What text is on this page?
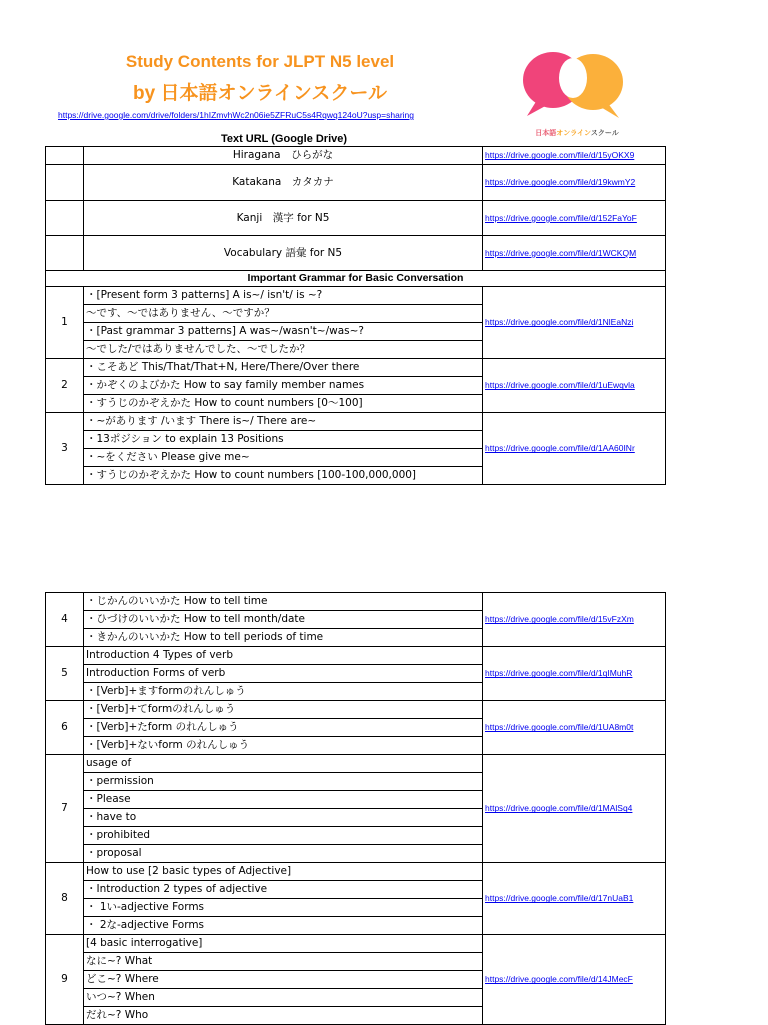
Study Contents for JLPT N5 level
by 日本語オンラインスクール
https://drive.google.com/drive/folders/1hIZmvhWc2n06ie5ZFRuC5s4Rqwq124oU?usp=sharing
日本語オンラインスクール
Text URL (Google Drive)
	Hiragana　ひらがな	https://drive.google.com/file/d/15yOKX9
	Katakana　カタカナ	https://drive.google.com/file/d/19kwmY2
	Kanji　漢字 for N5	https://drive.google.com/file/d/152FaYoF
	Vocabulary 語彙 for N5	https://drive.google.com/file/d/1WCKQM
Important Grammar for Basic Conversation		
1	・[Present form 3 patterns] A is~/ isn't/ is ~?	https://drive.google.com/file/d/1NlEaNzi
	〜です、〜ではありません、〜ですか？	
	・[Past grammar 3 patterns] A was~/wasn't~/was~?	
	〜でした/ではありませんでした、〜でしたか？	
2	・こそあど This/That/That+N, Here/There/Over there	https://drive.google.com/file/d/1uEwqvla
	・かぞくのよびかた How to say family member names	
	・すうじのかぞえかた How to count numbers [0〜100]	
3	・~があります /います There is~/ There are~	https://drive.google.com/file/d/1AA60INr
	・13ポジション to explain 13 Positions	
	・~をください Please give me~	
	・すうじのかぞえかた How to count numbers [100-100,000,000]	
4	・じかんのいいかた How to tell time	https://drive.google.com/file/d/15vFzXm
	・ひづけのいいかた How to tell month/date	
	・きかんのいいかた How to tell periods of time	
5	Introduction 4 Types of verb	https://drive.google.com/file/d/1qIMuhR
	Introduction Forms of verb	
	・[Verb]+ますformのれんしゅう	
6	・[Verb]+てformのれんしゅう	https://drive.google.com/file/d/1UA8m0t
	・[Verb]+たform のれんしゅう	
	・[Verb]+ないform のれんしゅう	
7	usage of	https://drive.google.com/file/d/1MAlSq4
	・permission	
	・Please	
	・have to	
	・prohibited	
	・proposal	
8	How to use [2 basic types of Adjective]	https://drive.google.com/file/d/17nUaB1
	・Introduction 2 types of adjective	
	・ 1い-adjective Forms	
	・ 2な-adjective Forms	
9	[4 basic interrogative]	https://drive.google.com/file/d/14JMecF
	なに~? What	
	どこ~? Where	
	いつ~? When	
	だれ~? Who	
